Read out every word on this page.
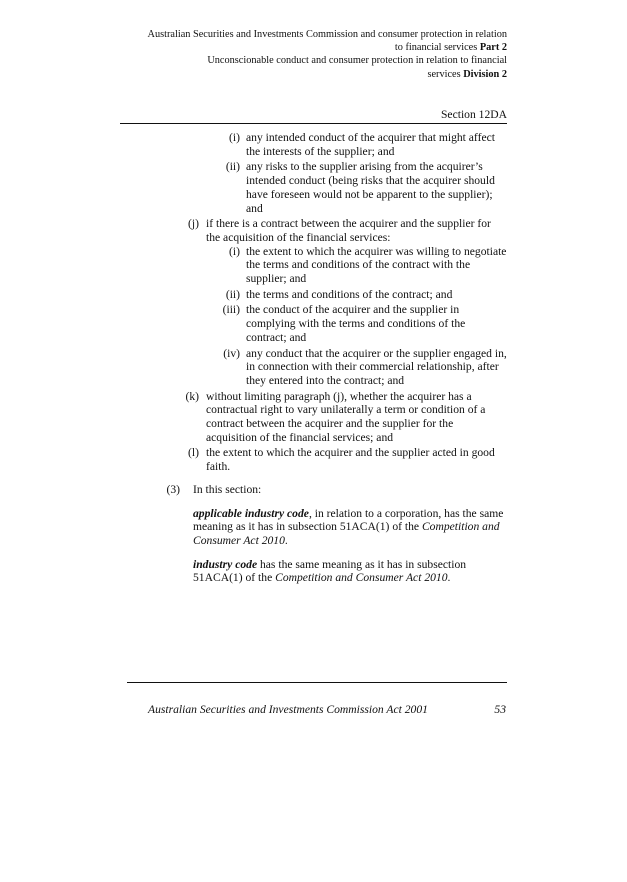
Australian Securities and Investments Commission and consumer protection in relation
to financial services Part 2
Unconscionable conduct and consumer protection in relation to financial
services Division 2
Section 12DA
(i) any intended conduct of the acquirer that might affect the interests of the supplier; and
(ii) any risks to the supplier arising from the acquirer’s intended conduct (being risks that the acquirer should have foreseen would not be apparent to the supplier); and
(j) if there is a contract between the acquirer and the supplier for the acquisition of the financial services:
(i) the extent to which the acquirer was willing to negotiate the terms and conditions of the contract with the supplier; and
(ii) the terms and conditions of the contract; and
(iii) the conduct of the acquirer and the supplier in complying with the terms and conditions of the contract; and
(iv) any conduct that the acquirer or the supplier engaged in, in connection with their commercial relationship, after they entered into the contract; and
(k) without limiting paragraph (j), whether the acquirer has a contractual right to vary unilaterally a term or condition of a contract between the acquirer and the supplier for the acquisition of the financial services; and
(l) the extent to which the acquirer and the supplier acted in good faith.
(3) In this section:
applicable industry code, in relation to a corporation, has the same meaning as it has in subsection 51ACA(1) of the Competition and Consumer Act 2010.
industry code has the same meaning as it has in subsection 51ACA(1) of the Competition and Consumer Act 2010.
Australian Securities and Investments Commission Act 2001	53
